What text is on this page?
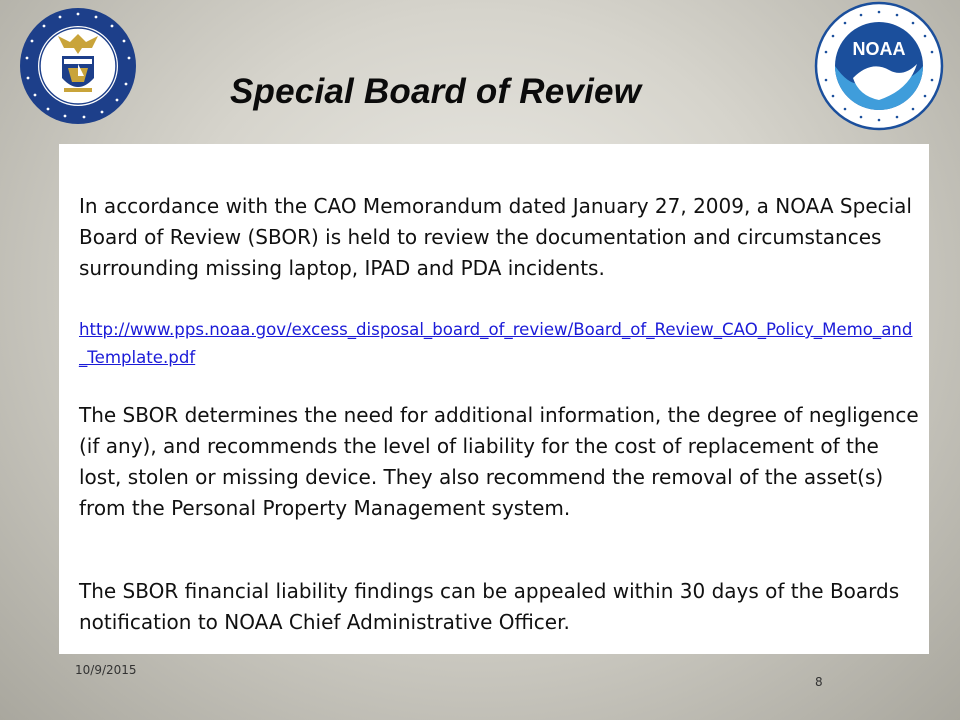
Special Board of Review
NOAA

In accordance with the CAO Memorandum dated January 27, 2009, a NOAA Special Board of Review (SBOR) is held to review the documentation and circumstances surrounding missing laptop, IPAD and PDA incidents.

http://www.pps.noaa.gov/excess_disposal_board_of_review/Board_of_Review_CAO_Policy_Memo_and_Template.pdf

The SBOR determines the need for additional information, the degree of negligence (if any), and recommends the level of liability for the cost of replacement of the lost, stolen or missing device. They also recommend the removal of the asset(s) from the Personal Property Management system.

The SBOR financial liability findings can be appealed within 30 days of the Boards notification to NOAA Chief Administrative Officer.

10/9/2015
8
